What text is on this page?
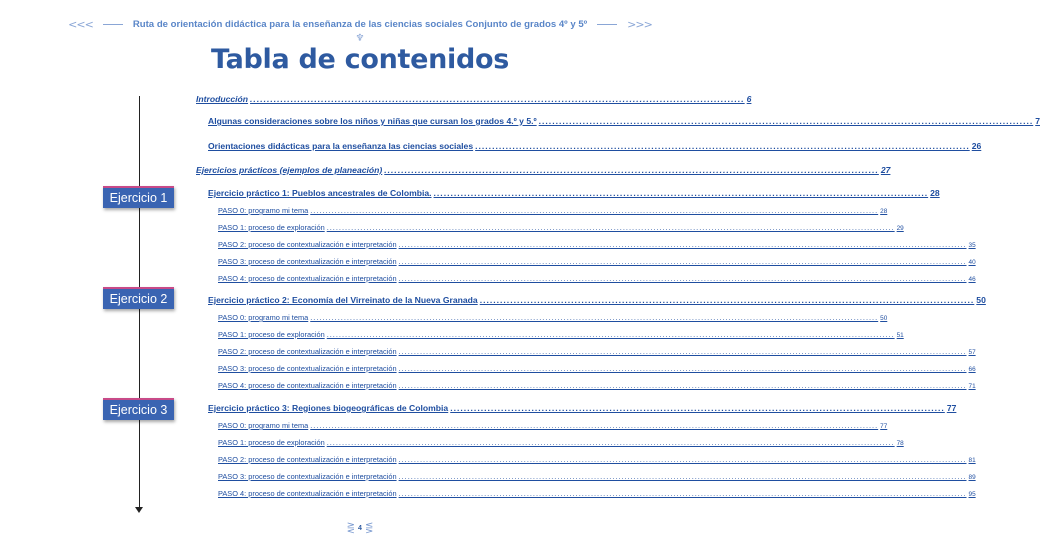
<<<	Ruta de orientación didáctica para la enseñanza de las ciencias sociales Conjunto de grados 4º y 5º	>>>
♆
Tabla de contenidos
Ejercicio 1
Ejercicio 2
Ejercicio 3
Introducción .................................................................................................................................................. 6
Algunas consideraciones sobre los niños y niñas que cursan los grados 4.º y 5.º .................................................................................................................................................. 7
Orientaciones didácticas para la enseñanza las ciencias sociales .................................................................................................................................................. 26
Ejercicios prácticos (ejemplos de planeación) .................................................................................................................................................. 27
Ejercicio práctico 1: Pueblos ancestrales de Colombia. .................................................................................................................................................. 28
PASO 0: programo mi tema .......................................................................................................................................................................................... 28
PASO 1: proceso de exploración .......................................................................................................................................................................................... 29
PASO 2: proceso de contextualización e interpretación .......................................................................................................................................................................................... 35
PASO 3: proceso de contextualización e interpretación .......................................................................................................................................................................................... 40
PASO 4: proceso de contextualización e interpretación .......................................................................................................................................................................................... 46
Ejercicio práctico 2: Economía del Virreinato de la Nueva Granada .................................................................................................................................................. 50
PASO 0: programo mi tema .......................................................................................................................................................................................... 50
PASO 1: proceso de exploración .......................................................................................................................................................................................... 51
PASO 2: proceso de contextualización e interpretación .......................................................................................................................................................................................... 57
PASO 3: proceso de contextualización e interpretación .......................................................................................................................................................................................... 66
PASO 4: proceso de contextualización e interpretación .......................................................................................................................................................................................... 71
Ejercicio práctico 3: Regiones biogeográficas de Colombia .................................................................................................................................................. 77
PASO 0: programo mi tema .......................................................................................................................................................................................... 77
PASO 1: proceso de exploración .......................................................................................................................................................................................... 78
PASO 2: proceso de contextualización e interpretación .......................................................................................................................................................................................... 81
PASO 3: proceso de contextualización e interpretación .......................................................................................................................................................................................... 89
PASO 4: proceso de contextualización e interpretación .......................................................................................................................................................................................... 95
⋛ 4 ⋚
